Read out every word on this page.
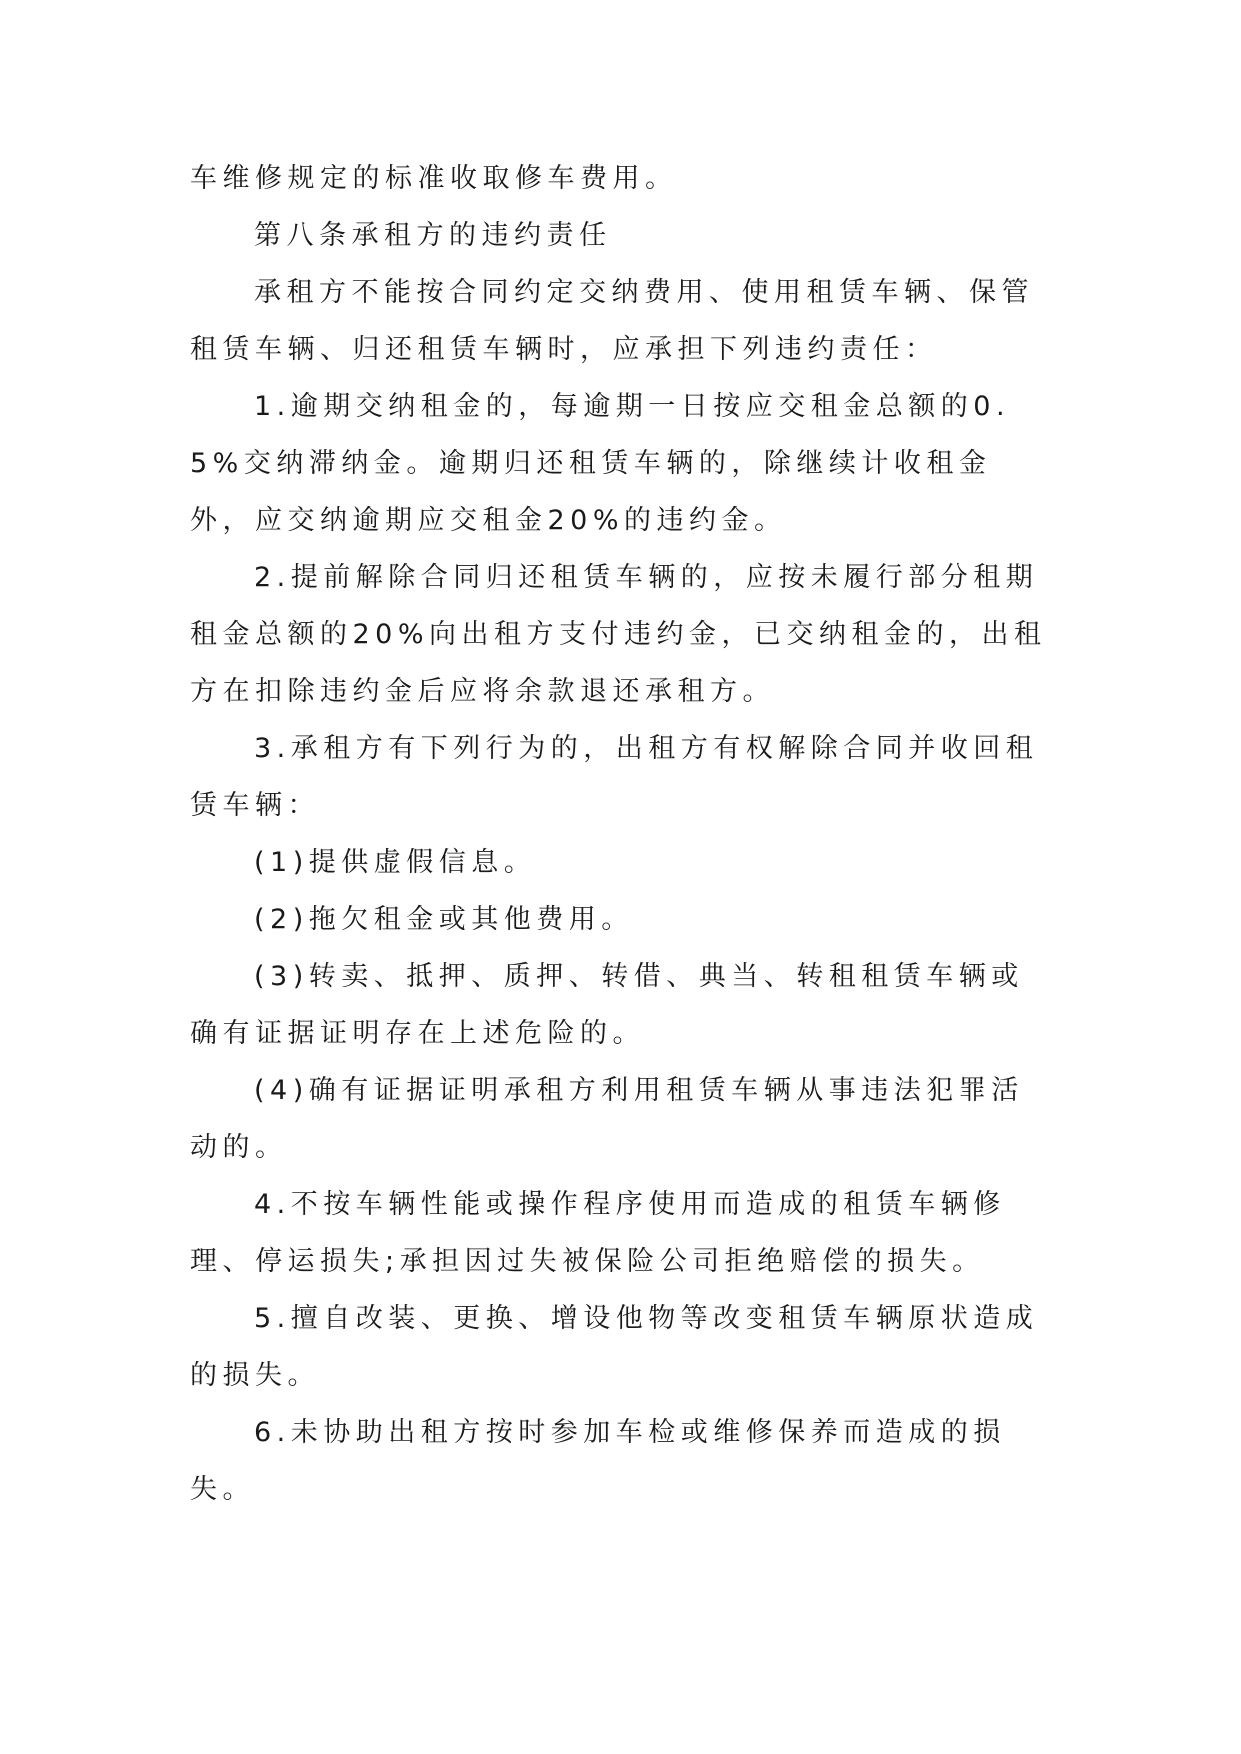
车维修规定的标准收取修车费用。

第八条承租方的违约责任

承租方不能按合同约定交纳费用、使用租赁车辆、保管租赁车辆、归还租赁车辆时，应承担下列违约责任：

1.逾期交纳租金的，每逾期一日按应交租金总额的0.5%交纳滞纳金。逾期归还租赁车辆的，除继续计收租金外，应交纳逾期应交租金20%的违约金。

2.提前解除合同归还租赁车辆的，应按未履行部分租期租金总额的20%向出租方支付违约金，已交纳租金的，出租方在扣除违约金后应将余款退还承租方。

3.承租方有下列行为的，出租方有权解除合同并收回租赁车辆：

(1)提供虚假信息。

(2)拖欠租金或其他费用。

(3)转卖、抵押、质押、转借、典当、转租租赁车辆或确有证据证明存在上述危险的。

(4)确有证据证明承租方利用租赁车辆从事违法犯罪活动的。

4.不按车辆性能或操作程序使用而造成的租赁车辆修理、停运损失;承担因过失被保险公司拒绝赔偿的损失。

5.擅自改装、更换、增设他物等改变租赁车辆原状造成的损失。

6.未协助出租方按时参加车检或维修保养而造成的损失。
